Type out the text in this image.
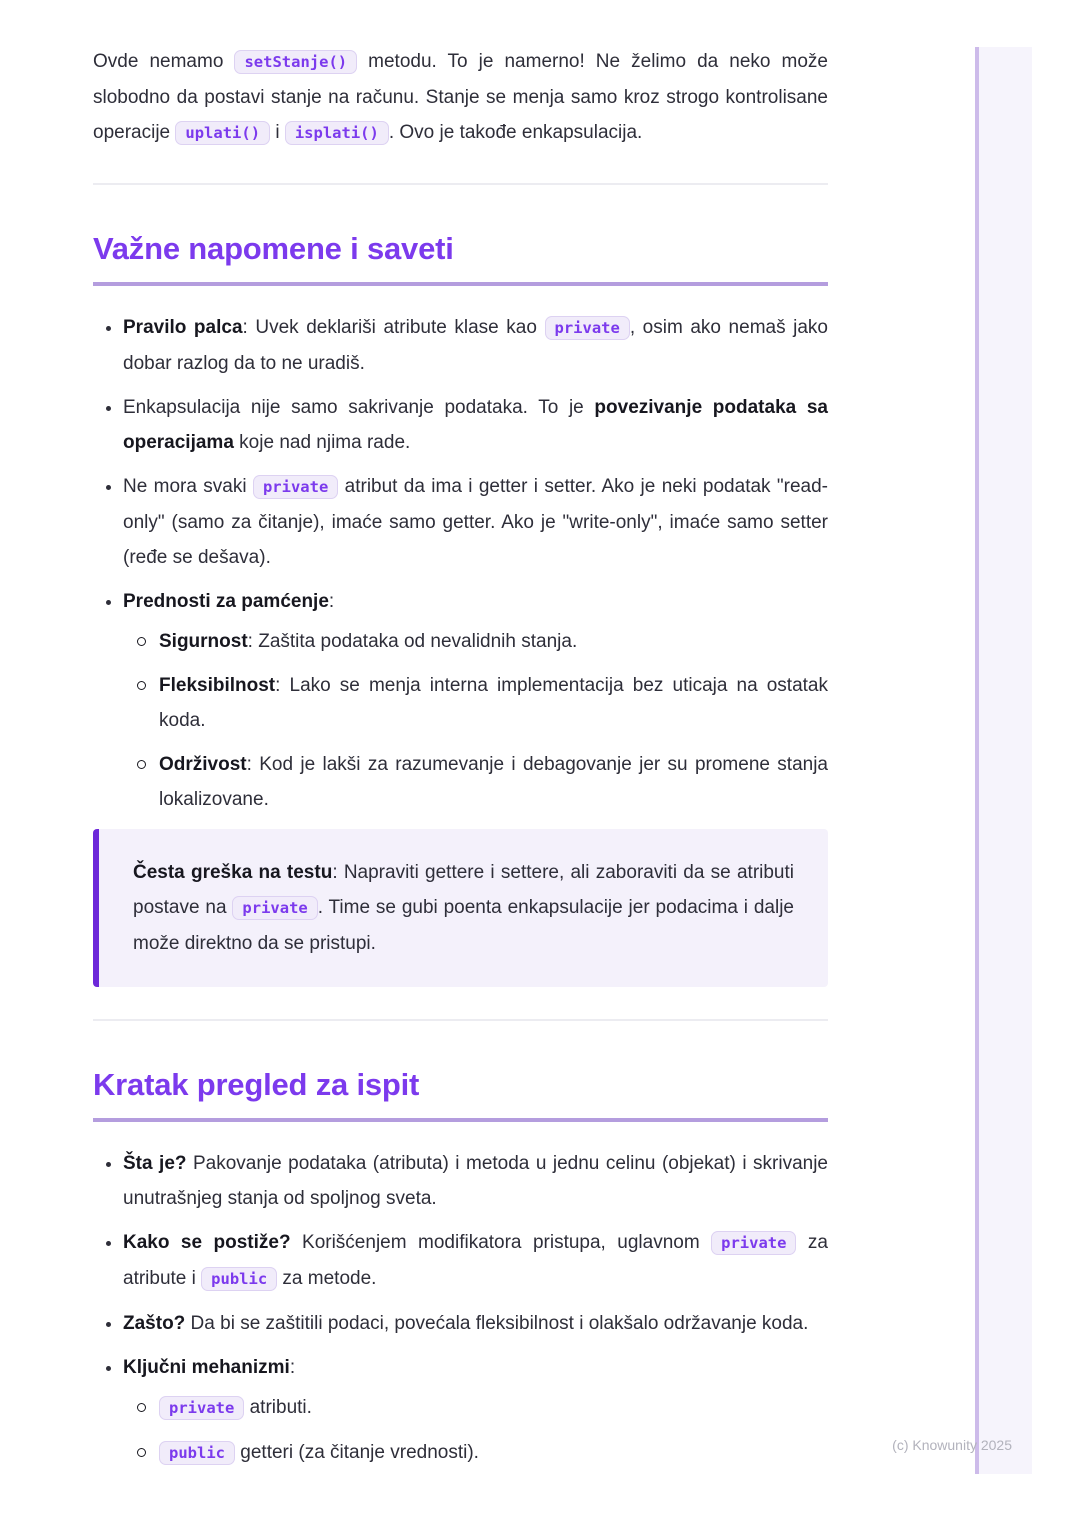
Ovde nemamo setStanje() metodu. To je namerno! Ne želimo da neko može slobodno da postavi stanje na računu. Stanje se menja samo kroz strogo kontrolisane operacije uplati() i isplati() . Ovo je takođe enkapsulacija.

Važne napomene i saveti
• Pravilo palca: Uvek deklariši atribute klase kao private , osim ako nemaš jako dobar razlog da to ne uradiš.
• Enkapsulacija nije samo sakrivanje podataka. To je povezivanje podataka sa operacijama koje nad njima rade.
• Ne mora svaki private atribut da ima i getter i setter. Ako je neki podatak "read-only" (samo za čitanje), imaće samo getter. Ako je "write-only", imaće samo setter (ređe se dešava).
• Prednosti za pamćenje:
Sigurnost: Zaštita podataka od nevalidnih stanja.
Fleksibilnost: Lako se menja interna implementacija bez uticaja na ostatak koda.
Održivost: Kod je lakši za razumevanje i debagovanje jer su promene stanja lokalizovane.

Česta greška na testu: Napraviti gettere i settere, ali zaboraviti da se atributi postave na private . Time se gubi poenta enkapsulacije jer podacima i dalje može direktno da se pristupi.

Kratak pregled za ispit
• Šta je? Pakovanje podataka (atributa) i metoda u jednu celinu (objekat) i skrivanje unutrašnjeg stanja od spoljnog sveta.
• Kako se postiže? Korišćenjem modifikatora pristupa, uglavnom private za atribute i public za metode.
• Zašto? Da bi se zaštitili podaci, povećala fleksibilnost i olakšalo održavanje koda.
• Ključni mehanizmi:
private atributi.
public getteri (za čitanje vrednosti).	(c) Knowunity 2025
